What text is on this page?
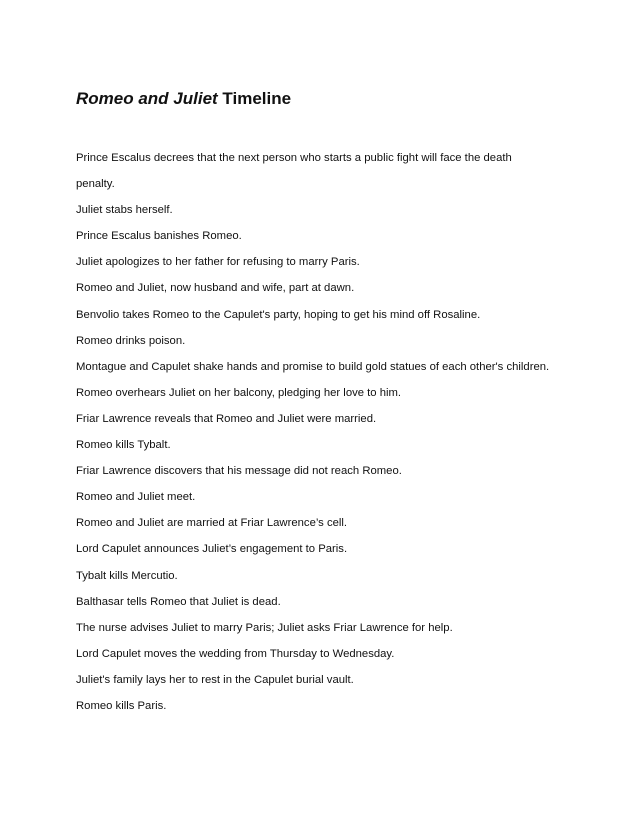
Romeo and Juliet Timeline
Prince Escalus decrees that the next person who starts a public fight will face the death
penalty.
Juliet stabs herself.
Prince Escalus banishes Romeo.
Juliet apologizes to her father for refusing to marry Paris.
Romeo and Juliet, now husband and wife, part at dawn.
Benvolio takes Romeo to the Capulet's party, hoping to get his mind off Rosaline.
Romeo drinks poison.
Montague and Capulet shake hands and promise to build gold statues of each other's children.
Romeo overhears Juliet on her balcony, pledging her love to him.
Friar Lawrence reveals that Romeo and Juliet were married.
Romeo kills Tybalt.
Friar Lawrence discovers that his message did not reach Romeo.
Romeo and Juliet meet.
Romeo and Juliet are married at Friar Lawrence’s cell.
Lord Capulet announces Juliet’s engagement to Paris.
Tybalt kills Mercutio.
Balthasar tells Romeo that Juliet is dead.
The nurse advises Juliet to marry Paris; Juliet asks Friar Lawrence for help.
Lord Capulet moves the wedding from Thursday to Wednesday.
Juliet's family lays her to rest in the Capulet burial vault.
Romeo kills Paris.
